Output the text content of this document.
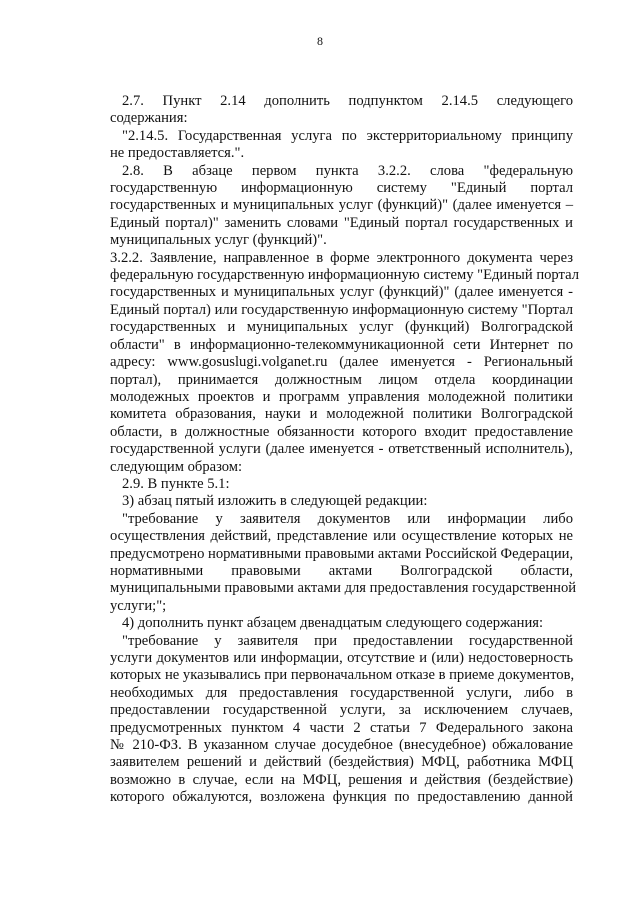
8
2.7. Пункт 2.14 дополнить подпунктом 2.14.5 следующего
содержания:
"2.14.5. Государственная услуга по экстерриториальному принципу
не предоставляется.".
2.8. В абзаце первом пункта 3.2.2. слова "федеральную
государственную информационную систему "Единый портал
государственных и муниципальных услуг (функций)" (далее именуется –
Единый портал)" заменить словами "Единый портал государственных и
муниципальных услуг (функций)".
3.2.2. Заявление, направленное в форме электронного документа через
федеральную государственную информационную систему "Единый портал
государственных и муниципальных услуг (функций)" (далее именуется -
Единый портал) или государственную информационную систему "Портал
государственных и муниципальных услуг (функций) Волгоградской
области" в информационно-телекоммуникационной сети Интернет по
адресу: www.gosuslugi.volganet.ru (далее именуется - Региональный
портал), принимается должностным лицом отдела координации
молодежных проектов и программ управления молодежной политики
комитета образования, науки и молодежной политики Волгоградской
области, в должностные обязанности которого входит предоставление
государственной услуги (далее именуется - ответственный исполнитель),
следующим образом:
2.9. В пункте 5.1:
3) абзац пятый изложить в следующей редакции:
"требование у заявителя документов или информации либо
осуществления действий, представление или осуществление которых не
предусмотрено нормативными правовыми актами Российской Федерации,
нормативными правовыми актами Волгоградской области,
муниципальными правовыми актами для предоставления государственной
услуги;";
4) дополнить пункт абзацем двенадцатым следующего содержания:
"требование у заявителя при предоставлении государственной
услуги документов или информации, отсутствие и (или) недостоверность
которых не указывались при первоначальном отказе в приеме документов,
необходимых для предоставления государственной услуги, либо в
предоставлении государственной услуги, за исключением случаев,
предусмотренных пунктом 4 части 2 статьи 7 Федерального закона
№ 210-ФЗ. В указанном случае досудебное (внесудебное) обжалование
заявителем решений и действий (бездействия) МФЦ, работника МФЦ
возможно в случае, если на МФЦ, решения и действия (бездействие)
которого обжалуются, возложена функция по предоставлению данной
